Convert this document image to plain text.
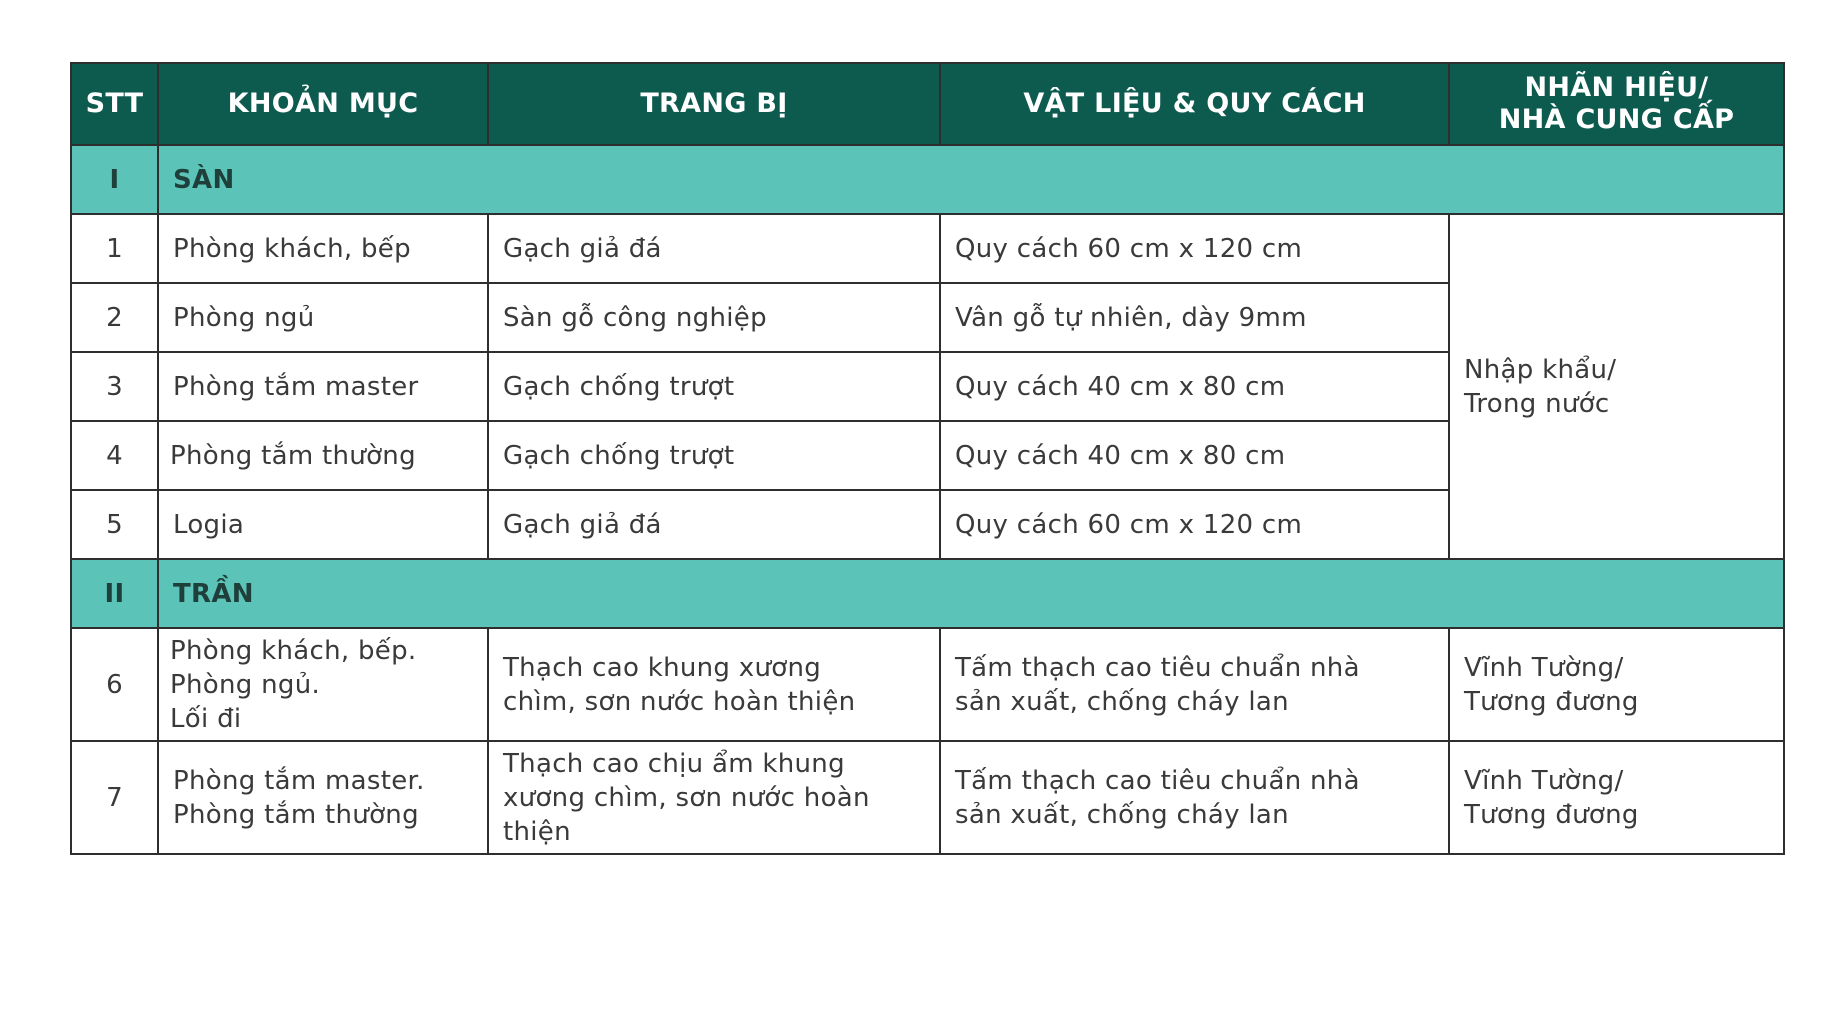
STT	KHOẢN MỤC	TRANG BỊ	VẬT LIỆU & QUY CÁCH	NHÃN HIỆU/
NHÀ CUNG CẤP

I	SÀN			
1	Phòng khách, bếp	Gạch giả đá	Quy cách 60 cm x 120 cm	Nhập khẩu/
Trong nước

2	Phòng ngủ	Sàn gỗ công nghiệp	Vân gỗ tự nhiên, dày 9mm	
3	Phòng tắm master	Gạch chống trượt	Quy cách 40 cm x 80 cm	
4	Phòng tắm thường	Gạch chống trượt	Quy cách 40 cm x 80 cm	
5	Logia	Gạch giả đá	Quy cách 60 cm x 120 cm	
II	TRẦN			
6	Phòng khách, bếp.
Phòng ngủ.
Lối đi	Thạch cao khung xương
chìm, sơn nước hoàn thiện	Tấm thạch cao tiêu chuẩn nhà
sản xuất, chống cháy lan	Vĩnh Tường/
Tương đương

7	Phòng tắm master.
Phòng tắm thường	Thạch cao chịu ẩm khung
xương chìm, sơn nước hoàn
thiện	Tấm thạch cao tiêu chuẩn nhà
sản xuất, chống cháy lan	Vĩnh Tường/
Tương đương
